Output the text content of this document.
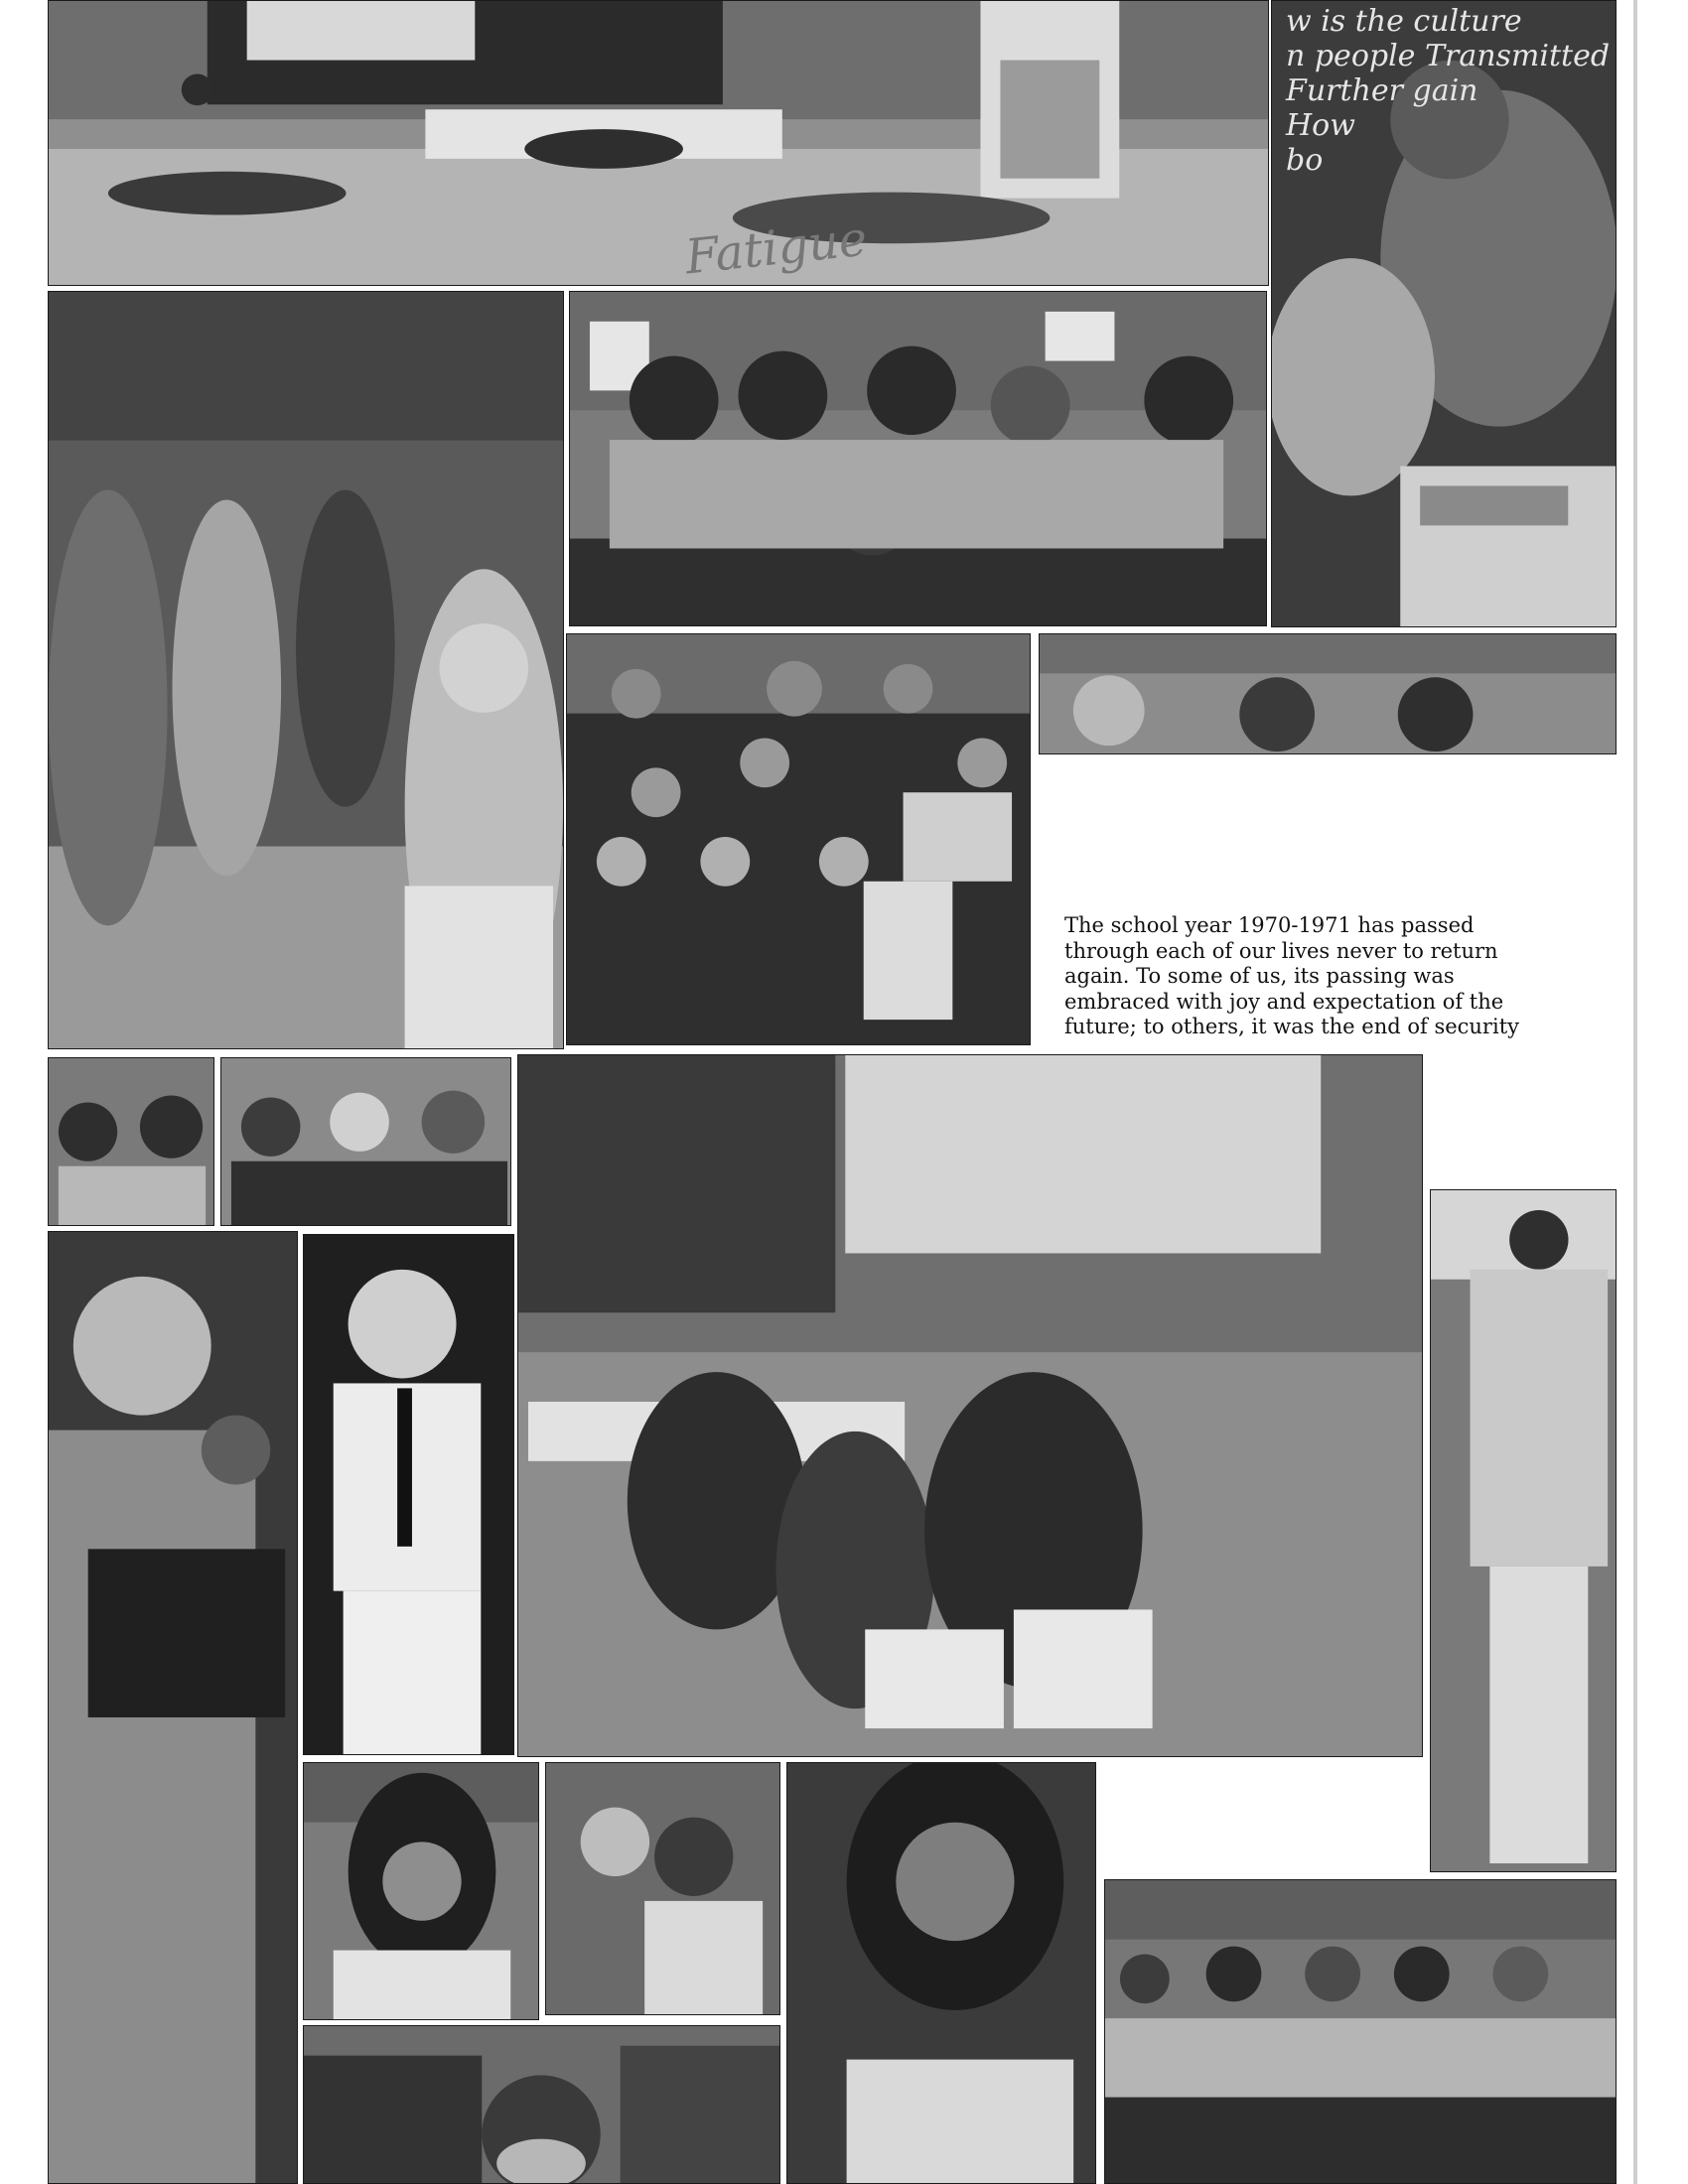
Fatigue
w is the culture
n people Transmitted
Further gain
How
bo
The school year 1970-1971 has passed
through each of our lives never to return
again. To some of us, its passing was
embraced with joy and expectation of the
future; to others, it was the end of security
